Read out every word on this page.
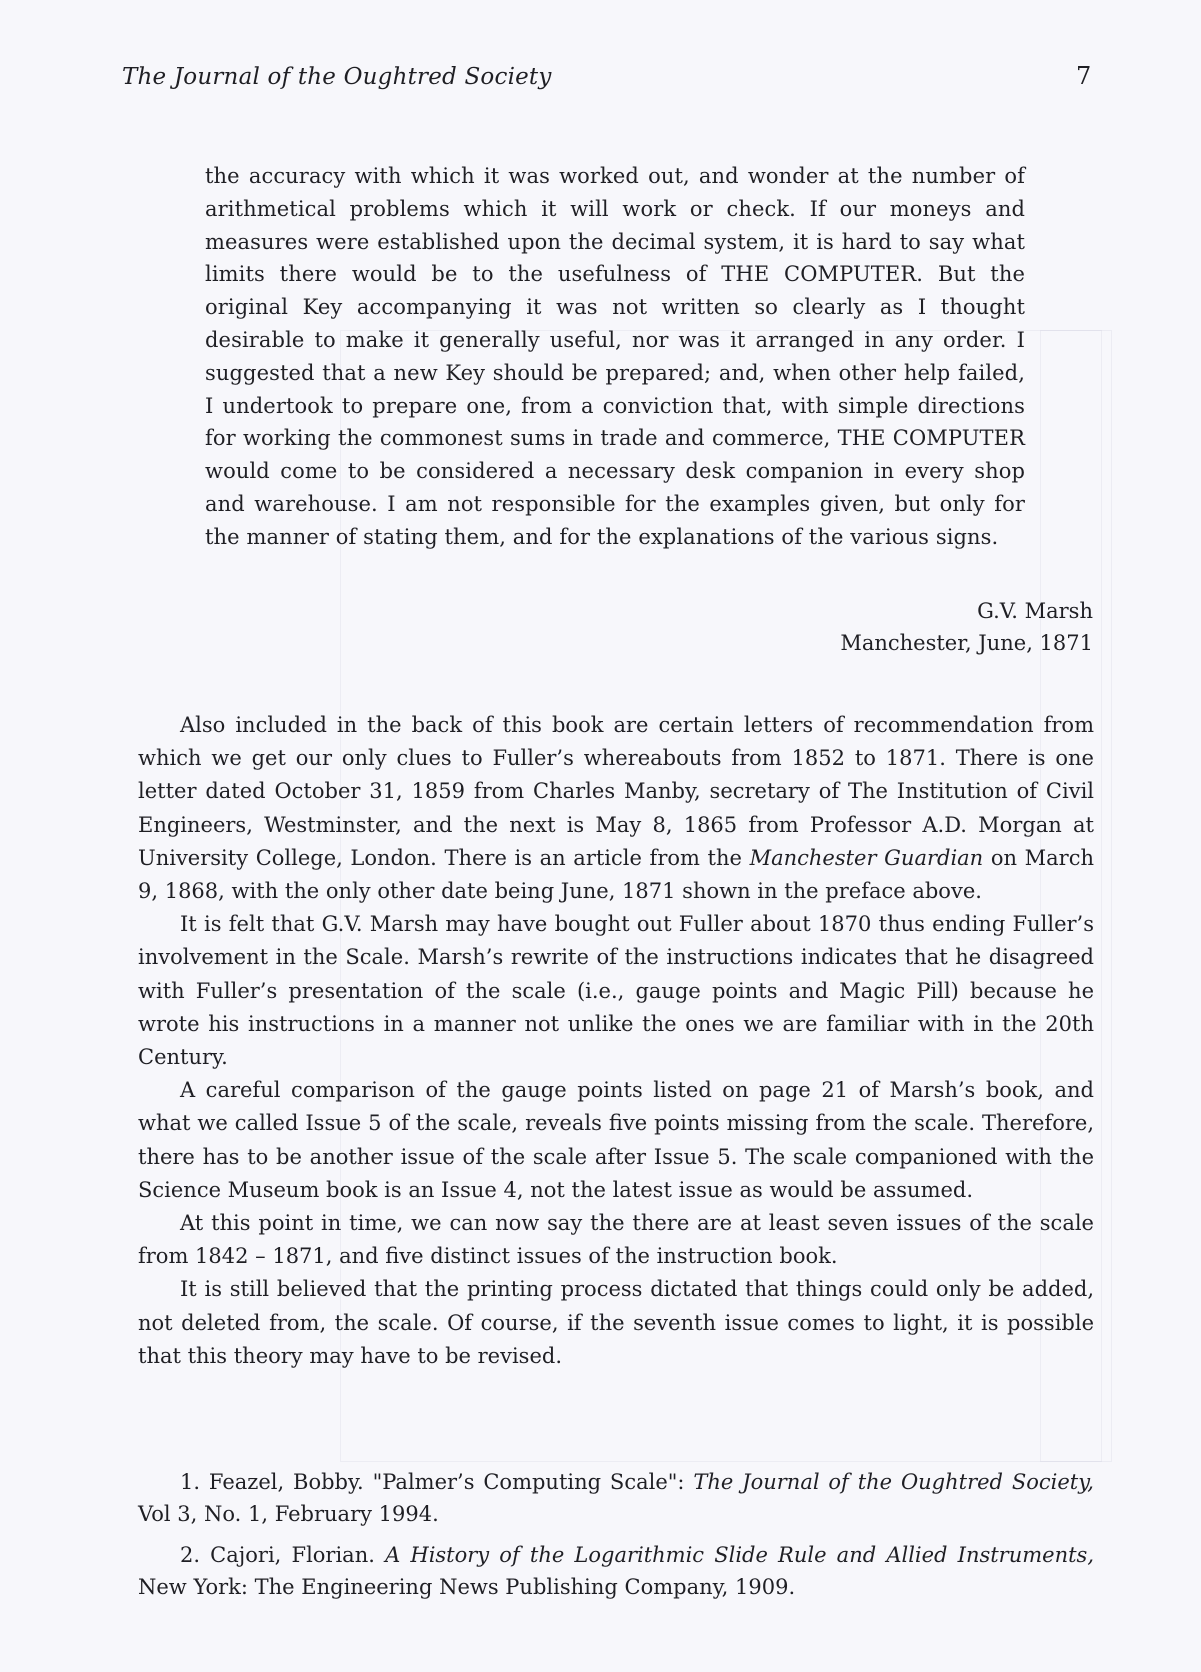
The Journal of the Oughtred Society	7

the accuracy with which it was worked out, and wonder at the number of arithmetical problems which it will work or check. If our moneys and measures were established upon the decimal system, it is hard to say what limits there would be to the usefulness of THE COMPUTER. But the original Key accompanying it was not written so clearly as I thought desirable to make it generally useful, nor was it arranged in any order. I suggested that a new Key should be prepared; and, when other help failed, I undertook to prepare one, from a conviction that, with simple directions for working the commonest sums in trade and commerce, THE COMPUTER would come to be considered a necessary desk companion in every shop and warehouse. I am not responsible for the examples given, but only for the manner of stating them, and for the explanations of the various signs.

G.V. Marsh
Manchester, June, 1871

Also included in the back of this book are certain letters of recommendation from which we get our only clues to Fuller’s whereabouts from 1852 to 1871. There is one letter dated October 31, 1859 from Charles Manby, secretary of The Institution of Civil Engineers, Westminster, and the next is May 8, 1865 from Professor A.D. Morgan at University College, London. There is an article from the Manchester Guardian on March 9, 1868, with the only other date being June, 1871 shown in the preface above.

It is felt that G.V. Marsh may have bought out Fuller about 1870 thus ending Fuller’s involvement in the Scale. Marsh’s rewrite of the instructions indicates that he disagreed with Fuller’s presentation of the scale (i.e., gauge points and Magic Pill) because he wrote his instructions in a manner not unlike the ones we are familiar with in the 20th Century.

A careful comparison of the gauge points listed on page 21 of Marsh’s book, and what we called Issue 5 of the scale, reveals five points missing from the scale. Therefore, there has to be another issue of the scale after Issue 5. The scale companioned with the Science Museum book is an Issue 4, not the latest issue as would be assumed.

At this point in time, we can now say the there are at least seven issues of the scale from 1842 – 1871, and five distinct issues of the instruction book.

It is still believed that the printing process dictated that things could only be added, not deleted from, the scale. Of course, if the seventh issue comes to light, it is possible that this theory may have to be revised.

1. Feazel, Bobby. "Palmer’s Computing Scale": The Journal of the Oughtred Society, Vol 3, No. 1, February 1994.

2. Cajori, Florian. A History of the Logarithmic Slide Rule and Allied Instruments, New York: The Engineering News Publishing Company, 1909.
